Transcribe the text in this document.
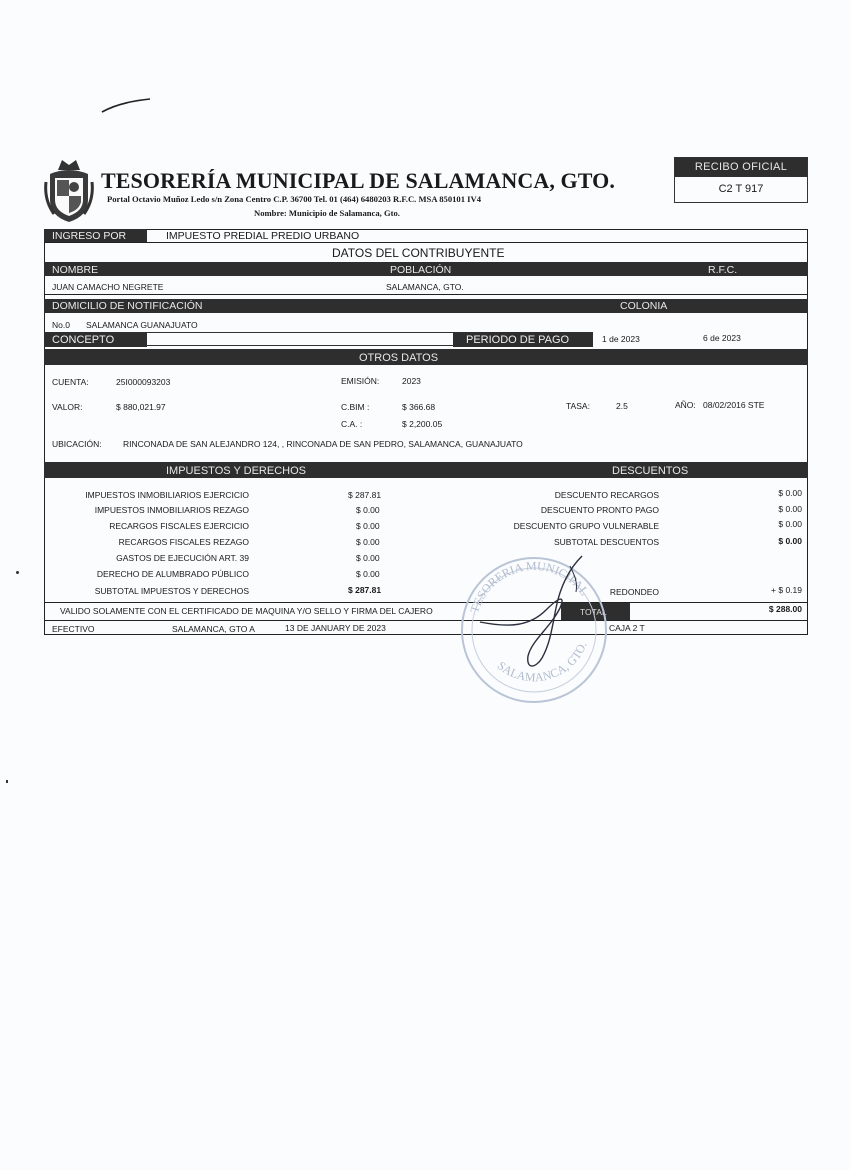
TESORERÍA MUNICIPAL DE SALAMANCA, GTO.
Portal Octavio Muñoz Ledo s/n Zona Centro C.P. 36700 Tel. 01 (464) 6480203 R.F.C. MSA 850101 IV4
Nombre: Municipio de Salamanca, Gto.
RECIBO OFICIAL
C2 T 917
INGRESO POR	IMPUESTO PREDIAL PREDIO URBANO
DATOS DEL CONTRIBUYENTE
NOMBRE	POBLACIÓN	R.F.C.
JUAN CAMACHO NEGRETE	SALAMANCA, GTO.
DOMICILIO DE NOTIFICACIÓN	COLONIA
No.0 SALAMANCA GUANAJUATO
CONCEPTO	PERIODO DE PAGO	1 de 2023	6 de 2023
OTROS DATOS
CUENTA:	25I000093203	EMISIÓN:	2023
VALOR:	$ 880,021.97	C.BIM :	$ 366.68	TASA:	2.5	AÑO: 08/02/2016 STE
C.A. :	$ 2,200.05
UBICACIÓN:	RINCONADA DE SAN ALEJANDRO 124, , RINCONADA DE SAN PEDRO, SALAMANCA, GUANAJUATO
IMPUESTOS Y DERECHOS	DESCUENTOS
IMPUESTOS INMOBILIARIOS EJERCICIO	$ 287.81
IMPUESTOS INMOBILIARIOS REZAGO	$ 0.00
RECARGOS FISCALES EJERCICIO	$ 0.00
RECARGOS FISCALES REZAGO	$ 0.00
GASTOS DE EJECUCIÓN ART. 39	$ 0.00
DERECHO DE ALUMBRADO PÚBLICO	$ 0.00
SUBTOTAL IMPUESTOS Y DERECHOS	$ 287.81
DESCUENTO RECARGOS	$ 0.00
DESCUENTO PRONTO PAGO	$ 0.00
DESCUENTO GRUPO VULNERABLE	$ 0.00
SUBTOTAL DESCUENTOS	$ 0.00
REDONDEO	+ $ 0.19
VALIDO SOLAMENTE CON EL CERTIFICADO DE MAQUINA Y/O SELLO Y FIRMA DEL CAJERO	TOTAL	$ 288.00
EFECTIVO	SALAMANCA, GTO A	13 DE JANUARY DE 2023	CAJA 2 T
TESORERIA MUNICIPAL
SALAMANCA, GTO.
